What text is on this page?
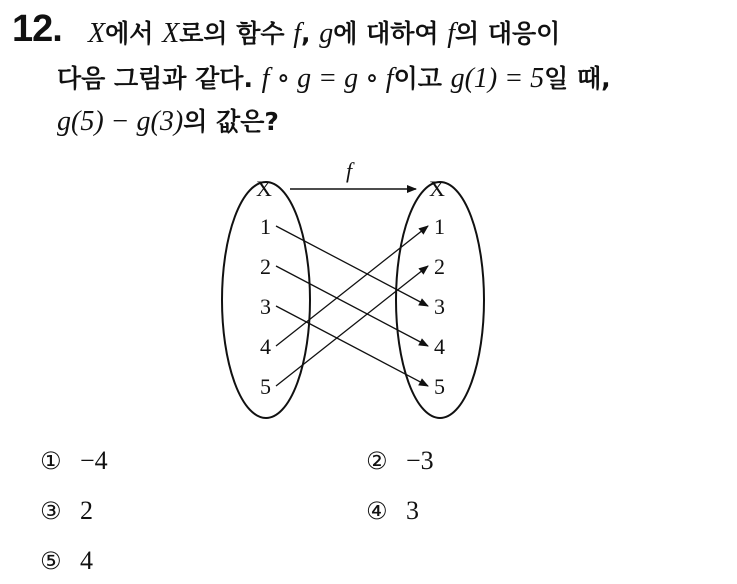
12. X에서 X로의 함수 f, g에 대하여 f의 대응이
다음 그림과 같다. f ∘ g = g ∘ f이고 g(1) = 5일 때,
g(5) − g(3)의 값은?
f
X	X
1
2
3
4
5
1
2
3
4
5
① −4	② −3
③ 2	④ 3
⑤ 4
